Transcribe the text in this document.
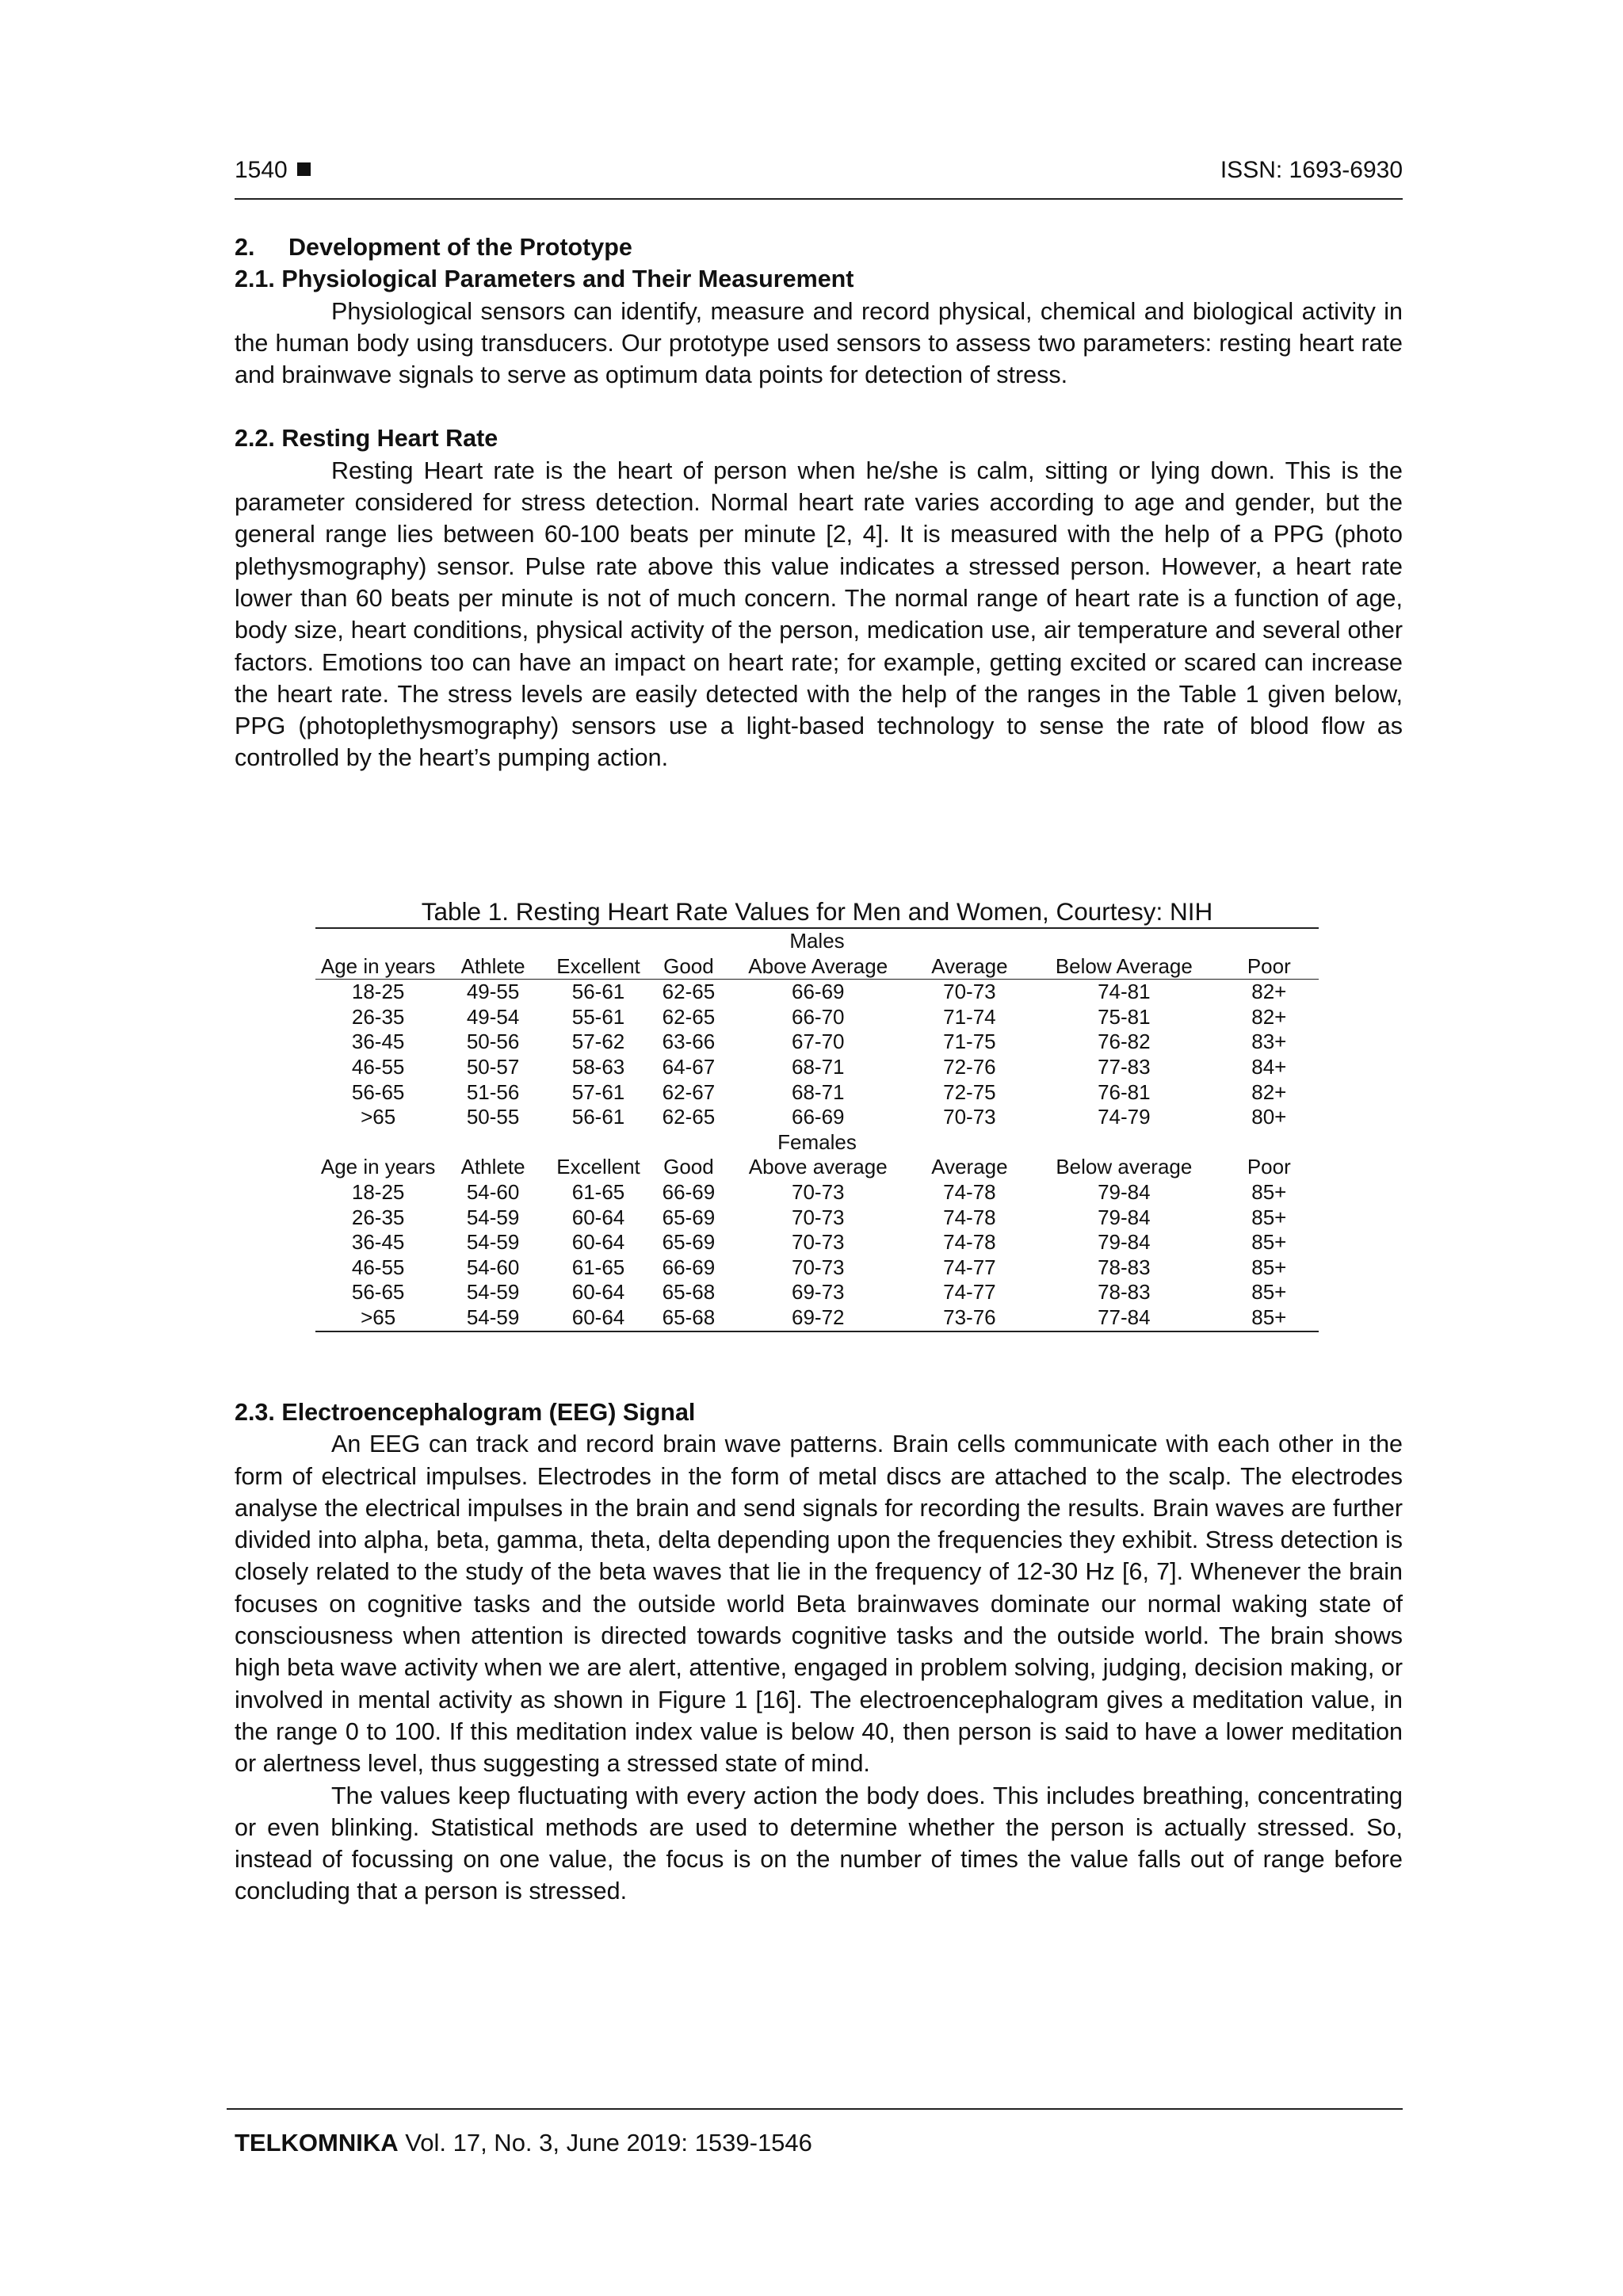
1540	ISSN: 1693-6930
2. Development of the Prototype
2.1. Physiological Parameters and Their Measurement

Physiological sensors can identify, measure and record physical, chemical and biological activity in the human body using transducers. Our prototype used sensors to assess two parameters: resting heart rate and brainwave signals to serve as optimum data points for detection of stress.

2.2. Resting Heart Rate

Resting Heart rate is the heart of person when he/she is calm, sitting or lying down. This is the parameter considered for stress detection. Normal heart rate varies according to age and gender, but the general range lies between 60-100 beats per minute [2, 4]. It is measured with the help of a PPG (photo plethysmography) sensor. Pulse rate above this value indicates a stressed person. However, a heart rate lower than 60 beats per minute is not of much concern. The normal range of heart rate is a function of age, body size, heart conditions, physical activity of the person, medication use, air temperature and several other factors. Emotions too can have an impact on heart rate; for example, getting excited or scared can increase the heart rate. The stress levels are easily detected with the help of the ranges in the Table 1 given below, PPG (photoplethysmography) sensors use a light-based technology to sense the rate of blood flow as controlled by the heart’s pumping action.

Table 1. Resting Heart Rate Values for Men and Women, Courtesy: NIH
Males							
Age in years	Athlete	Excellent	Good	Above Average	Average	Below Average	Poor
18-25	49-55	56-61	62-65	66-69	70-73	74-81	82+
26-35	49-54	55-61	62-65	66-70	71-74	75-81	82+
36-45	50-56	57-62	63-66	67-70	71-75	76-82	83+
46-55	50-57	58-63	64-67	68-71	72-76	77-83	84+
56-65	51-56	57-61	62-67	68-71	72-75	76-81	82+
>65	50-55	56-61	62-65	66-69	70-73	74-79	80+
Females							
Age in years	Athlete	Excellent	Good	Above average	Average	Below average	Poor
18-25	54-60	61-65	66-69	70-73	74-78	79-84	85+
26-35	54-59	60-64	65-69	70-73	74-78	79-84	85+
36-45	54-59	60-64	65-69	70-73	74-78	79-84	85+
46-55	54-60	61-65	66-69	70-73	74-77	78-83	85+
56-65	54-59	60-64	65-68	69-73	74-77	78-83	85+
>65	54-59	60-64	65-68	69-72	73-76	77-84	85+
2.3. Electroencephalogram (EEG) Signal

An EEG can track and record brain wave patterns. Brain cells communicate with each other in the form of electrical impulses. Electrodes in the form of metal discs are attached to the scalp. The electrodes analyse the electrical impulses in the brain and send signals for recording the results. Brain waves are further divided into alpha, beta, gamma, theta, delta depending upon the frequencies they exhibit. Stress detection is closely related to the study of the beta waves that lie in the frequency of 12-30 Hz [6, 7]. Whenever the brain focuses on cognitive tasks and the outside world Beta brainwaves dominate our normal waking state of consciousness when attention is directed towards cognitive tasks and the outside world. The brain shows high beta wave activity when we are alert, attentive, engaged in problem solving, judging, decision making, or involved in mental activity as shown in Figure 1 [16]. The electroencephalogram gives a meditation value, in the range 0 to 100. If this meditation index value is below 40, then person is said to have a lower meditation or alertness level, thus suggesting a stressed state of mind.

The values keep fluctuating with every action the body does. This includes breathing, concentrating or even blinking. Statistical methods are used to determine whether the person is actually stressed. So, instead of focussing on one value, the focus is on the number of times the value falls out of range before concluding that a person is stressed.

TELKOMNIKA Vol. 17, No. 3, June 2019: 1539-1546
